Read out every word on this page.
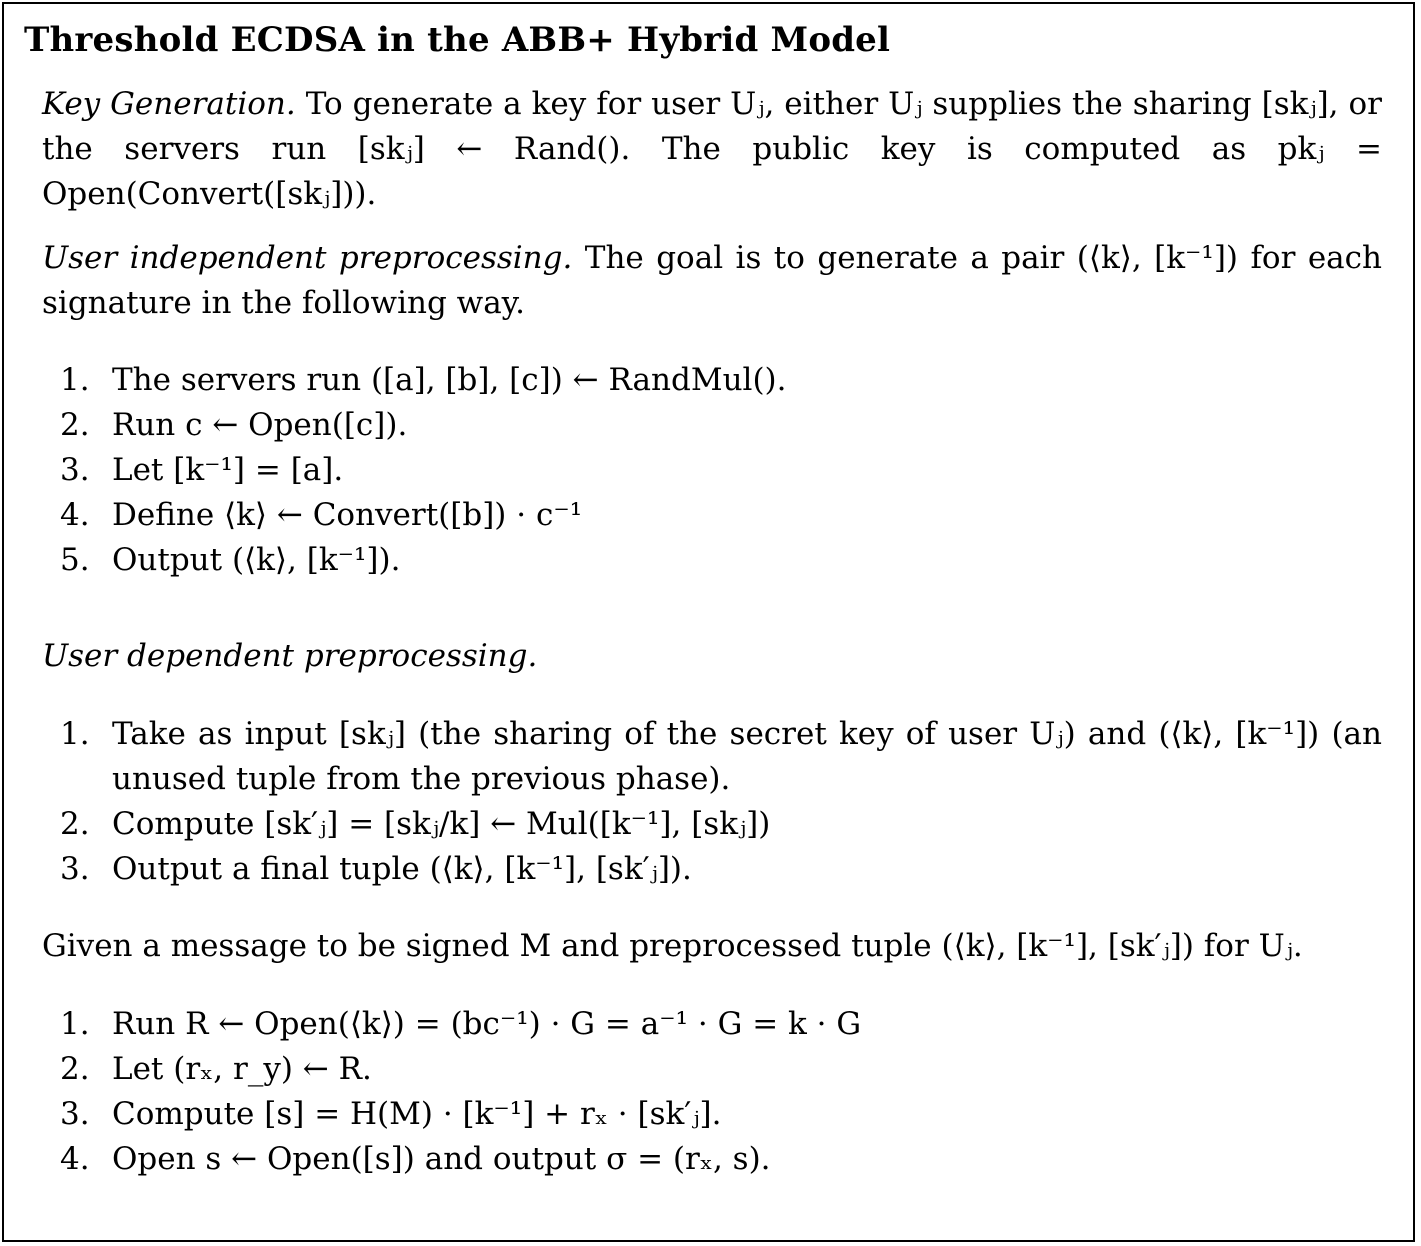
Threshold ECDSA in the ABB+ Hybrid Model
Key Generation. To generate a key for user Uⱼ, either Uⱼ supplies the sharing [skⱼ], or the servers run [skⱼ] ← Rand(). The public key is computed as pkⱼ = Open(Convert([skⱼ])).
User independent preprocessing. The goal is to generate a pair (⟨k⟩, [k⁻¹]) for each signature in the following way.
1. The servers run ([a], [b], [c]) ← RandMul().
2. Run c ← Open([c]).
3. Let [k⁻¹] = [a].
4. Define ⟨k⟩ ← Convert([b]) · c⁻¹
5. Output (⟨k⟩, [k⁻¹]).
User dependent preprocessing.
1. Take as input [skⱼ] (the sharing of the secret key of user Uⱼ) and (⟨k⟩, [k⁻¹]) (an unused tuple from the previous phase).
2. Compute [sk′ⱼ] = [skⱼ/k] ← Mul([k⁻¹], [skⱼ])
3. Output a final tuple (⟨k⟩, [k⁻¹], [sk′ⱼ]).
Given a message to be signed M and preprocessed tuple (⟨k⟩, [k⁻¹], [sk′ⱼ]) for Uⱼ.
1. Run R ← Open(⟨k⟩) = (bc⁻¹) · G = a⁻¹ · G = k · G
2. Let (rₓ, r_y) ← R.
3. Compute [s] = H(M) · [k⁻¹] + rₓ · [sk′ⱼ].
4. Open s ← Open([s]) and output σ = (rₓ, s).
